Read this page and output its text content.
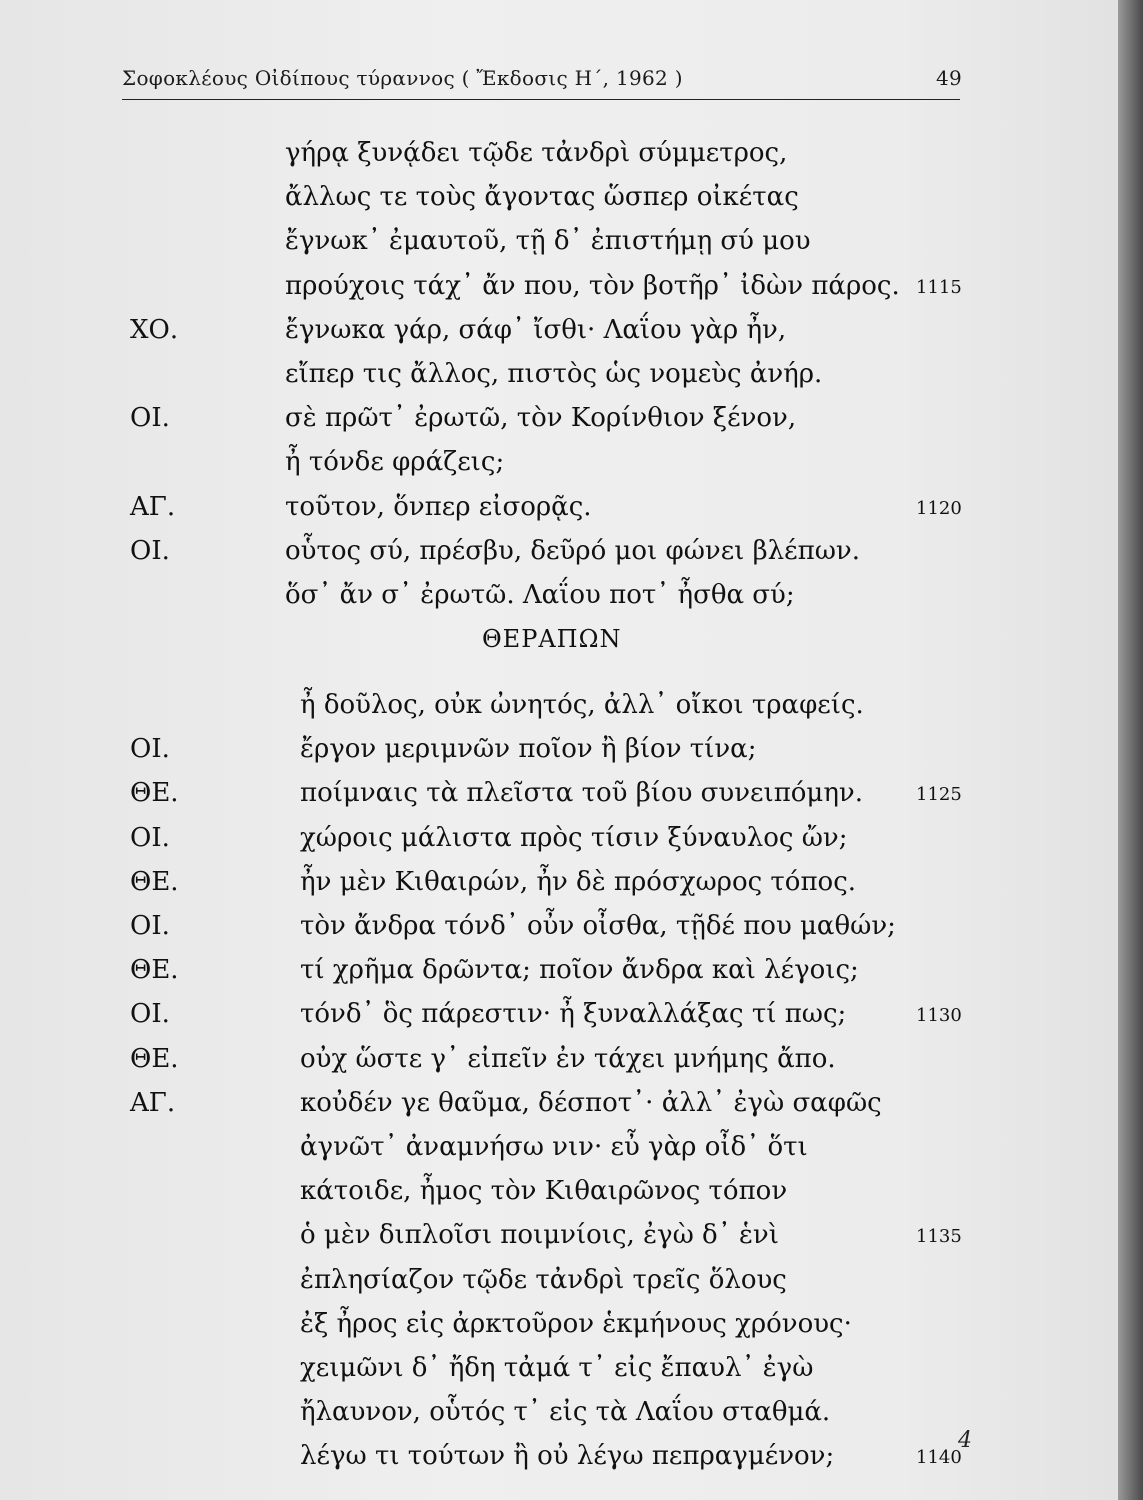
Σοφοκλέους Οἰδίπους τύραννος ( Ἔκδοσις Η΄, 1962 )	49
γήρᾳ ξυνᾴδει τῷδε τἀνδρὶ σύμμετρος,
ἄλλως τε τοὺς ἄγοντας ὥσπερ οἰκέτας
ἔγνωκ᾽ ἐμαυτοῦ, τῇ δ᾽ ἐπιστήμῃ σύ μου
προύχοις τάχ᾽ ἄν που, τὸν βοτῆρ᾽ ἰδὼν πάρος. 1115
ΧΟ.	ἔγνωκα γάρ, σάφ᾽ ἴσθι· Λαΐου γὰρ ἦν,
εἴπερ τις ἄλλος, πιστὸς ὡς νομεὺς ἀνήρ.
ΟΙ.	σὲ πρῶτ᾽ ἐρωτῶ, τὸν Κορίνθιον ξένον,
ἦ τόνδε φράζεις;
ΑΓ.	τοῦτον, ὅνπερ εἰσορᾷς.	1120
ΟΙ.	οὗτος σύ, πρέσβυ, δεῦρό μοι φώνει βλέπων.
ὅσ᾽ ἄν σ᾽ ἐρωτῶ. Λαΐου ποτ᾽ ἦσθα σύ;
ΘΕΡΑΠΩΝ
ἦ δοῦλος, οὐκ ὠνητός, ἀλλ᾽ οἴκοι τραφείς.
ΟΙ.	ἔργον μεριμνῶν ποῖον ἢ βίον τίνα;
ΘΕ.	ποίμναις τὰ πλεῖστα τοῦ βίου συνειπόμην.	1125
ΟΙ.	χώροις μάλιστα πρὸς τίσιν ξύναυλος ὤν;
ΘΕ.	ἦν μὲν Κιθαιρών, ἦν δὲ πρόσχωρος τόπος.
ΟΙ.	τὸν ἄνδρα τόνδ᾽ οὖν οἶσθα, τῇδέ που μαθών;
ΘΕ.	τί χρῆμα δρῶντα; ποῖον ἄνδρα καὶ λέγοις;
ΟΙ.	τόνδ᾽ ὃς πάρεστιν· ἦ ξυναλλάξας τί πως;	1130
ΘΕ.	οὐχ ὥστε γ᾽ εἰπεῖν ἐν τάχει μνήμης ἄπο.
ΑΓ.	κοὐδέν γε θαῦμα, δέσποτ᾽· ἀλλ᾽ ἐγὼ σαφῶς
ἀγνῶτ᾽ ἀναμνήσω νιν· εὖ γὰρ οἶδ᾽ ὅτι
κάτοιδε, ἦμος τὸν Κιθαιρῶνος τόπον
ὁ μὲν διπλοῖσι ποιμνίοις, ἐγὼ δ᾽ ἑνὶ	1135
ἐπλησίαζον τῷδε τἀνδρὶ τρεῖς ὅλους
ἐξ ἦρος εἰς ἀρκτοῦρον ἑκμήνους χρόνους·
χειμῶνι δ᾽ ἤδη τἀμά τ᾽ εἰς ἔπαυλ᾽ ἐγὼ
ἤλαυνον, οὗτός τ᾽ εἰς τὰ Λαΐου σταθμά.
λέγω τι τούτων ἢ οὐ λέγω πεπραγμένον;	1140
4
